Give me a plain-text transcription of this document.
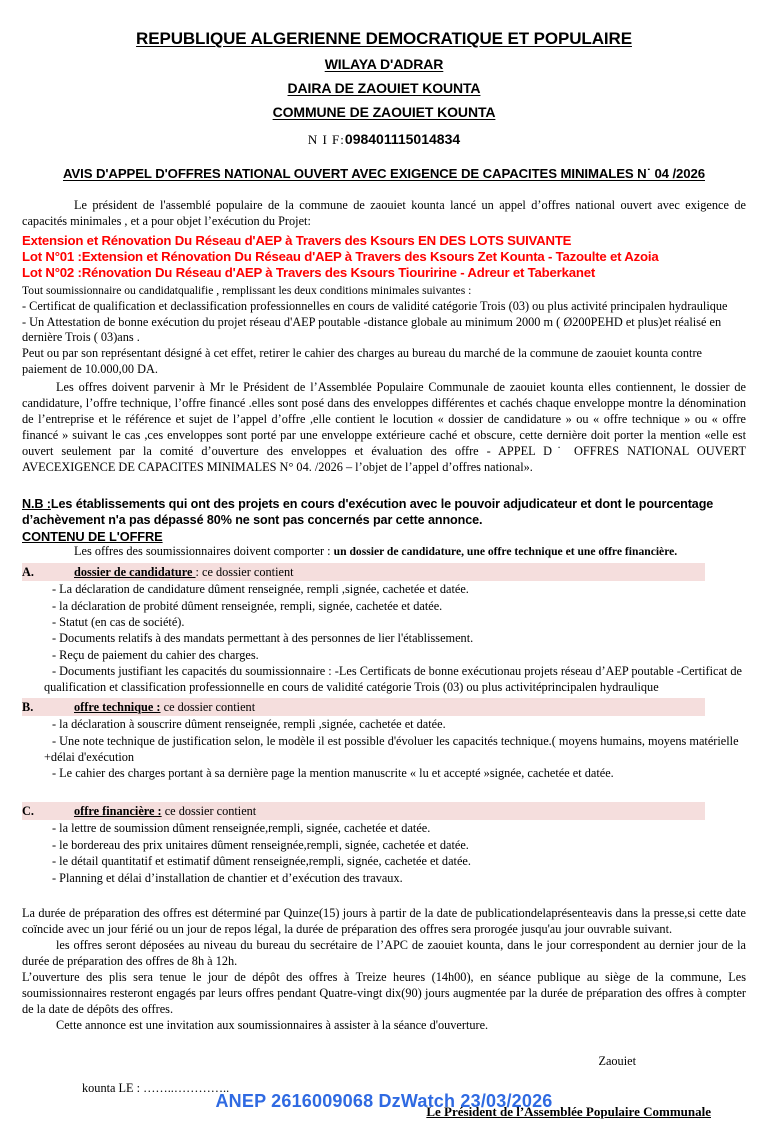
REPUBLIQUE ALGERIENNE DEMOCRATIQUE ET POPULAIRE
WILAYA D'ADRAR
DAIRA DE ZAOUIET KOUNTA
COMMUNE DE ZAOUIET KOUNTA
N I F:098401115014834
AVIS D'APPEL D'OFFRES NATIONAL OUVERT AVEC EXIGENCE DE CAPACITES MINIMALES N˙ 04 /2026

Le président de l'assemblé populaire de la commune de zaouiet kounta lancé un appel d’offres national ouvert avec exigence de capacités minimales , et a pour objet l’exécution du Projet:

Extension et Rénovation Du Réseau d'AEP à Travers des Ksours EN DES LOTS SUIVANTE

Lot N°01 :Extension et Rénovation Du Réseau d'AEP à Travers des Ksours Zet Kounta - Tazoulte et Azoia

Lot N°02 :Rénovation Du Réseau d'AEP à Travers des Ksours Tiouririne - Adreur et Taberkanet

Tout soumissionnaire ou candidatqualifie , remplissant les deux conditions minimales suivantes :

- Certificat de qualification et declassification professionnelles en cours de validité catégorie Trois (03) ou plus activité principalen hydraulique

- Un Attestation de bonne exécution du projet réseau d'AEP poutable -distance globale au minimum 2000 m ( Ø200PEHD et plus)et réalisé en dernière Trois ( 03)ans .

Peut ou par son représentant désigné à cet effet, retirer le cahier des charges au bureau du marché de la commune de zaouiet kounta contre paiement de 10.000,00 DA.

Les offres doivent parvenir à Mr le Président de l’Assemblée Populaire Communale de zaouiet kounta elles contiennent, le dossier de candidature, l’offre technique, l’offre financé .elles sont posé dans des enveloppes différentes et cachés chaque enveloppe montre la dénomination de l’entreprise et le référence et sujet de l’appel d’offre ,elle contient le locution « dossier de candidature » ou « offre technique » ou « offre financé » suivant le cas ,ces enveloppes sont porté par une enveloppe extérieure caché et obscure, cette dernière doit porter la mention «elle est ouvert seulement par la comité d’ouverture des enveloppes et évaluation des offre - APPEL D˙ OFFRES NATIONAL OUVERT AVECEXIGENCE DE CAPACITES MINIMALES N° 04. /2026 – l’objet de l’appel d’offres national».

N.B :Les établissements qui ont des projets en cours d'exécution avec le pouvoir adjudicateur et dont le pourcentage d’achèvement n'a pas dépassé 80% ne sont pas concernés par cette annonce.

CONTENU DE L'OFFRE

Les offres des soumissionnaires doivent comporter : un dossier de candidature, une offre technique et une offre financière.

A.	dossier de candidature : ce dossier contient

- La déclaration de candidature dûment renseignée, rempli ,signée, cachetée et datée.

- la déclaration de probité dûment renseignée, rempli, signée, cachetée et datée.

- Statut (en cas de société).

- Documents relatifs à des mandats permettant à des personnes de lier l'établissement.

- Reçu de paiement du cahier des charges.

- Documents justifiant les capacités du soumissionnaire : -Les Certificats de bonne exécutionau projets réseau d’AEP poutable -Certificat de

qualification et classification professionnelle en cours de validité catégorie Trois (03) ou plus activitéprincipalen hydraulique

B.	offre technique : ce dossier contient

- la déclaration à souscrire dûment renseignée, rempli ,signée, cachetée et datée.

- Une note technique de justification selon, le modèle il est possible d'évoluer les capacités technique.( moyens humains, moyens matérielle

+délai d'exécution

- Le cahier des charges portant à sa dernière page la mention manuscrite « lu et accepté »signée, cachetée et datée.

C.	offre financière : ce dossier contient

- la lettre de soumission dûment renseignée,rempli, signée, cachetée et datée.

- le bordereau des prix unitaires dûment renseignée,rempli, signée, cachetée et datée.

- le détail quantitatif et estimatif dûment renseignée,rempli, signée, cachetée et datée.

- Planning et délai d’installation de chantier et d’exécution des travaux.

La durée de préparation des offres est déterminé par Quinze(15) jours à partir de la date de publicationdelaprésenteavis dans la presse,si cette date coïncide avec un jour férié ou un jour de repos légal, la durée de préparation des offres sera prorogée jusqu'au jour ouvrable suivant.

les offres seront déposées au niveau du bureau du secrétaire de l’APC de zaouiet kounta, dans le jour correspondent au dernier jour de la durée de préparation des offres de 8h à 12h.

L’ouverture des plis sera tenue le jour de dépôt des offres à Treize heures (14h00), en séance publique au siège de la commune, Les soumissionnaires resteront engagés par leurs offres pendant Quatre-vingt dix(90) jours augmentée par la durée de préparation des offres à compter de la date de dépôts des offres.

Cette annonce est une invitation aux soumissionnaires à assister à la séance d'ouverture.

Zaouiet

kounta LE : ……..…………..

Le Président de l’Assemblée Populaire Communale

ANEP 2616009068 DzWatch 23/03/2026
